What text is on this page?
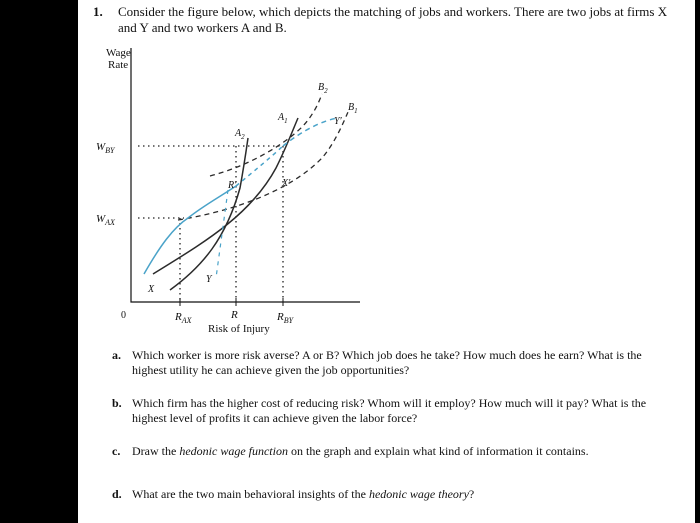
1. Consider the figure below, which depicts the matching of jobs and workers. There are two jobs at firms X and Y and two workers A and B.
Wage
Rate
0
Risk of Injury
$W_{BY}$
$W_{AX}$
$R_{AX}$	R	$R_{BY}$
$B_2$
$B_1$
$A_1$
$A_2$
Y′
X′
R′
X
Y
a. Which worker is more risk averse? A or B? Which job does he take? How much does he earn? What is the highest utility he can achieve given the job opportunities?
b. Which firm has the higher cost of reducing risk? Whom will it employ? How much will it pay? What is the highest level of profits it can achieve given the labor force?
c. Draw the hedonic wage function on the graph and explain what kind of information it contains.
d. What are the two main behavioral insights of the hedonic wage theory?
